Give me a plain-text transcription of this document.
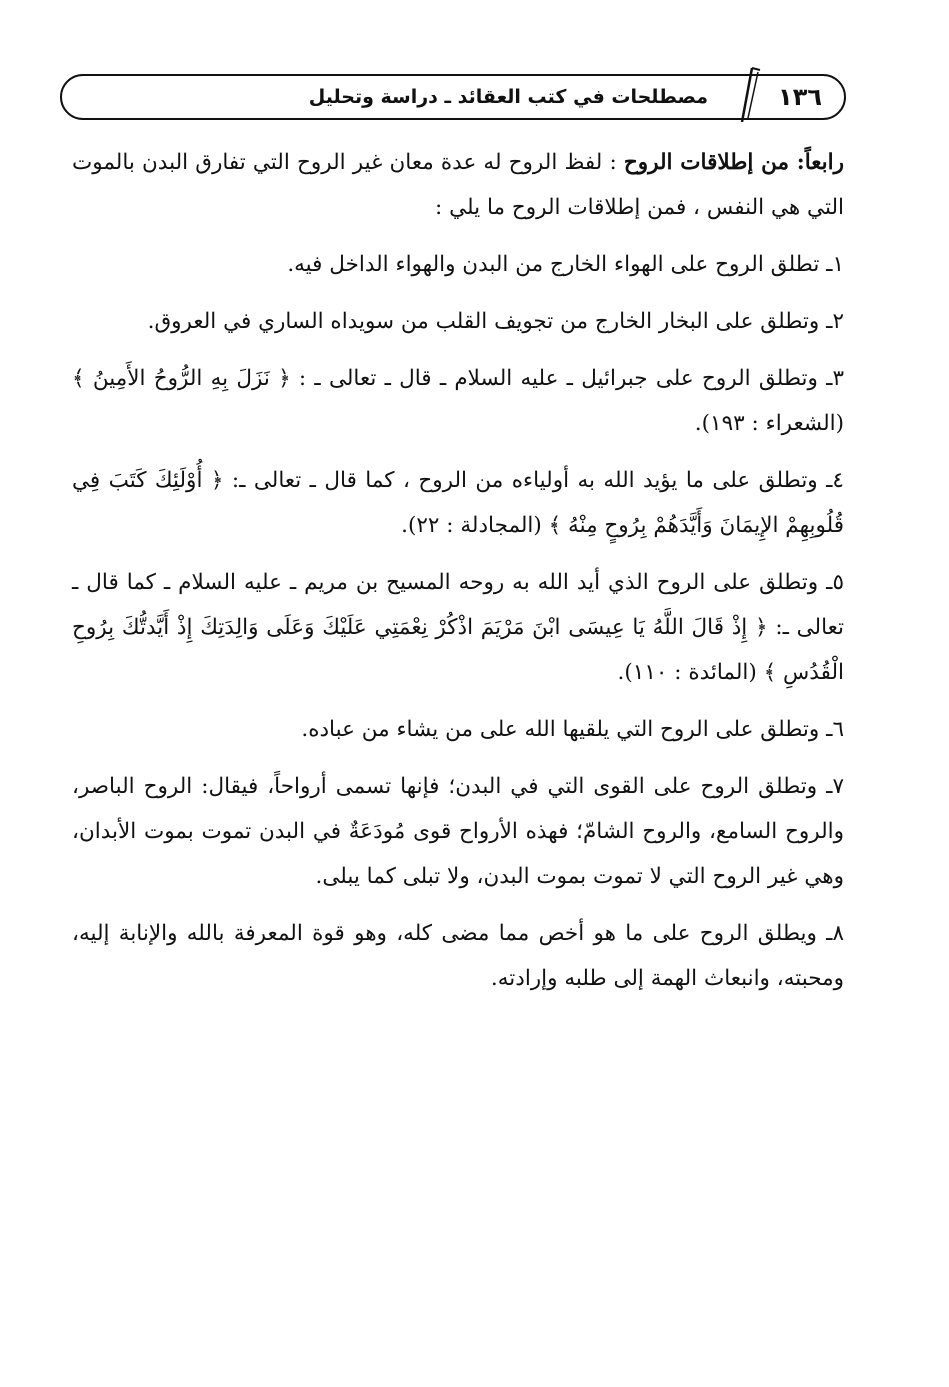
١٣٦
مصطلحات في كتب العقائد ـ دراسة وتحليل

رابعاً: من إطلاقات الروح : لفظ الروح له عدة معان غير الروح التي تفارق البدن بالموت التي هي النفس ، فمن إطلاقات الروح ما يلي :

١ـ تطلق الروح على الهواء الخارج من البدن والهواء الداخل فيه.

٢ـ وتطلق على البخار الخارج من تجويف القلب من سويداه الساري في العروق.

٣ـ وتطلق الروح على جبرائيل ـ عليه السلام ـ قال ـ تعالى ـ : ﴿ نَزَلَ بِهِ الرُّوحُ الأَمِينُ ﴾ (الشعراء : ١٩٣).

٤ـ وتطلق على ما يؤيد الله به أولياءه من الروح ، كما قال ـ تعالى ـ: ﴿ أُوْلَئِكَ كَتَبَ فِي قُلُوبِهِمْ الإِيمَانَ وَأَيَّدَهُمْ بِرُوحٍ مِنْهُ ﴾ (المجادلة : ٢٢).

٥ـ وتطلق على الروح الذي أيد الله به روحه المسيح بن مريم ـ عليه السلام ـ كما قال ـ تعالى ـ: ﴿ إِذْ قَالَ اللَّهُ يَا عِيسَى ابْنَ مَرْيَمَ اذْكُرْ نِعْمَتِي عَلَيْكَ وَعَلَى وَالِدَتِكَ إِذْ أَيَّدتُّكَ بِرُوحِ الْقُدُسِ ﴾ (المائدة : ١١٠).

٦ـ وتطلق على الروح التي يلقيها الله على من يشاء من عباده.

٧ـ وتطلق الروح على القوى التي في البدن؛ فإنها تسمى أرواحاً، فيقال: الروح الباصر، والروح السامع، والروح الشامّ؛ فهذه الأرواح قوى مُودَعَةٌ في البدن تموت بموت الأبدان، وهي غير الروح التي لا تموت بموت البدن، ولا تبلى كما يبلى.

٨ـ ويطلق الروح على ما هو أخص مما مضى كله، وهو قوة المعرفة بالله والإنابة إليه، ومحبته، وانبعاث الهمة إلى طلبه وإرادته.
